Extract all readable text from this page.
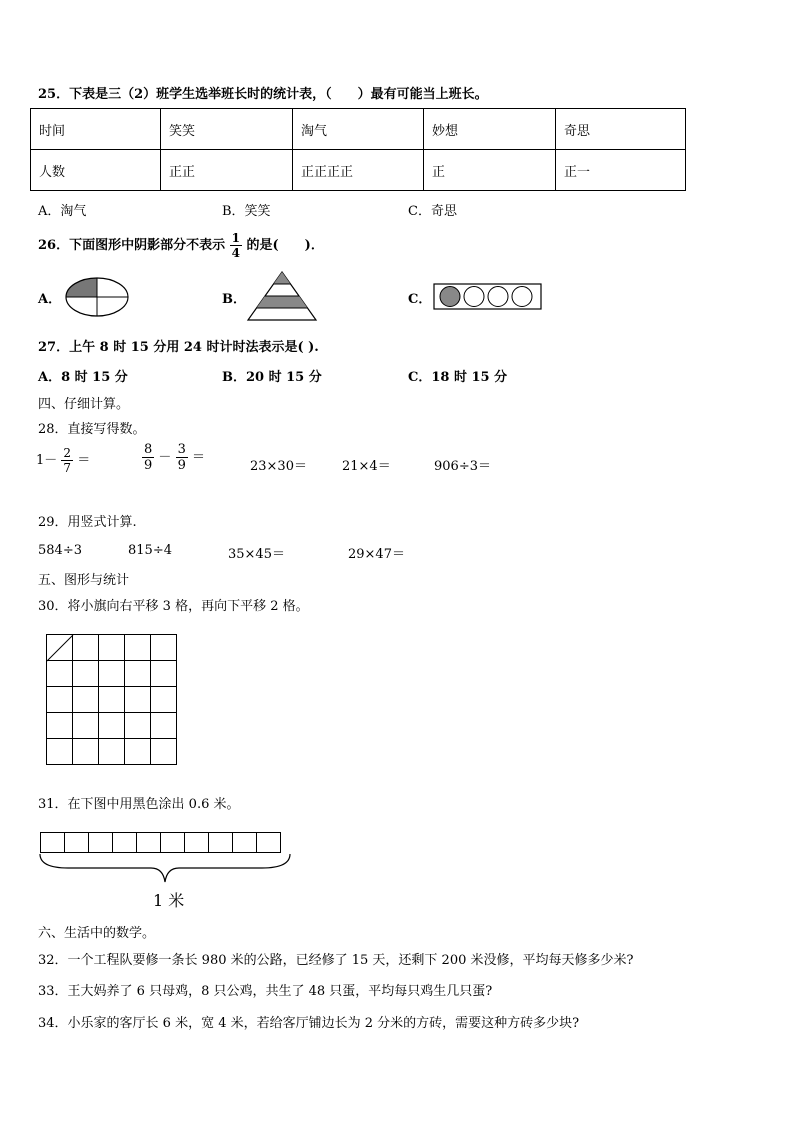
25．下表是三（2）班学生选举班长时的统计表，（　　）最有可能当上班长。
时间	笑笑	淘气	妙想	奇思
人数	正正	正正正正	正	正一
A．淘气	B．笑笑	C．奇思
26．下面图形中阴影部分不表示 $\frac{1}{4}$ 的是(　　)．
A．	B．	C．
27．上午 8 时 15 分用 24 时计时法表示是( ).
A．8 时 15 分	B．20 时 15 分	C．18 时 15 分
四、仔细计算。
28．直接写得数。
$1- \frac{2}{7}$ ＝	$\frac{8}{9} - \frac{3}{9}$ ＝
23×30＝	21×4＝	906÷3＝
29．用竖式计算.
584÷3	815÷4	35×45＝	29×47＝
五、图形与统计
30．将小旗向右平移 3 格，再向下平移 2 格。

31．在下图中用黑色涂出 0.6 米。

1 米
六、生活中的数学。
32．一个工程队要修一条长 980 米的公路，已经修了 15 天，还剩下 200 米没修，平均每天修多少米?
33．王大妈养了 6 只母鸡，8 只公鸡，共生了 48 只蛋，平均每只鸡生几只蛋?
34．小乐家的客厅长 6 米，宽 4 米，若给客厅铺边长为 2 分米的方砖，需要这种方砖多少块?
